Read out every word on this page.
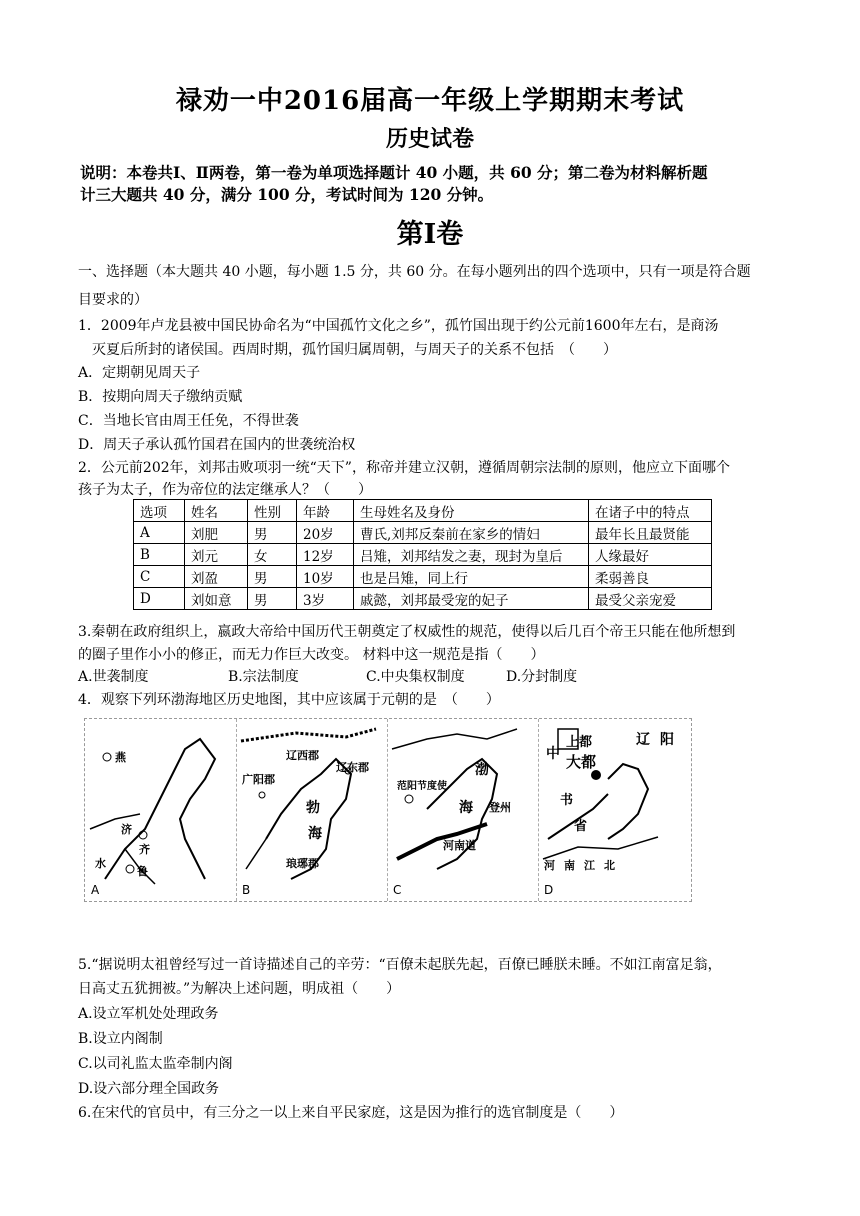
禄劝一中2016届高一年级上学期期末考试
历史试卷
说明：本卷共Ⅰ、Ⅱ两卷，第一卷为单项选择题计 40 小题，共 60 分；第二卷为材料解析题
计三大题共 40 分，满分 100 分，考试时间为 120 分钟。
第Ⅰ卷
一、选择题（本大题共 40 小题，每小题 1.5 分，共 60 分。在每小题列出的四个选项中，只有一项是符合题
目要求的）
1．2009年卢龙县被中国民协命名为“中国孤竹文化之乡”，孤竹国出现于约公元前1600年左右，是商汤
灭夏后所封的诸侯国。西周时期，孤竹国归属周朝，与周天子的关系不包括　（　　）
A．定期朝见周天子
B．按期向周天子缴纳贡赋
C．当地长官由周王任免，不得世袭
D．周天子承认孤竹国君在国内的世袭统治权
2．公元前202年，刘邦击败项羽一统“天下”，称帝并建立汉朝，遵循周朝宗法制的原则，他应立下面哪个
孩子为太子，作为帝位的法定继承人？（　　）
选项	姓名	性别	年龄	生母姓名及身份	在诸子中的特点
A	刘肥	男	20岁	曹氏,刘邦反秦前在家乡的情妇	最年长且最贤能
B	刘元	女	12岁	吕雉，刘邦结发之妻，现封为皇后	人缘最好
C	刘盈	男	10岁	也是吕雉，同上行	柔弱善良
D	刘如意	男	3岁	戚懿，刘邦最受宠的妃子	最受父亲宠爱
3.秦朝在政府组织上，嬴政大帝给中国历代王朝奠定了权威性的规范，使得以后几百个帝王只能在他所想到
的圈子里作小小的修正，而无力作巨大改变。 材料中这一规范是指（　　）
A.世袭制度	B.宗法制度	C.中央集权制度	D.分封制度
4．观察下列环渤海地区历史地图，其中应该属于元朝的是　（　　）
燕
济
齐
鲁
水
A
辽西郡
辽东郡
广阳郡
勃
海
琅琊郡
B
范阳节度使
渤
海 登州
河南道
C
上都
中 大都
辽 阳
书
省
河 南 江 北
D
5.“据说明太祖曾经写过一首诗描述自己的辛劳：“百僚未起朕先起，百僚已睡朕未睡。不如江南富足翁，
日高丈五犹拥被。”为解决上述问题，明成祖（　　）
A.设立军机处处理政务
B.设立内阁制
C.以司礼监太监牵制内阁
D.设六部分理全国政务
6.在宋代的官员中，有三分之一以上来自平民家庭，这是因为推行的选官制度是（　　）
